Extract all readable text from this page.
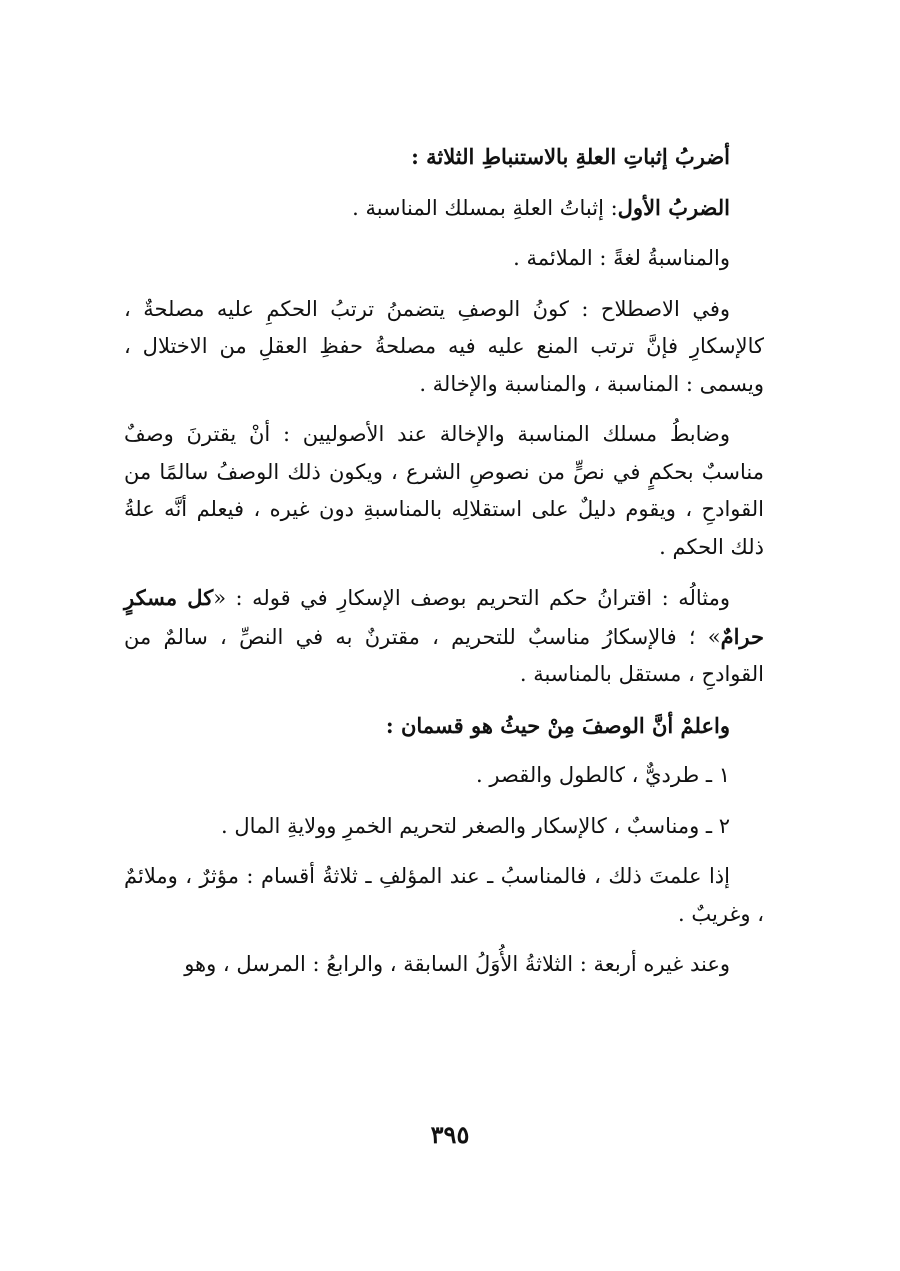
أضربُ إثباتِ العلةِ بالاستنباطِ الثلاثة :

الضربُ الأول: إثباتُ العلةِ بمسلك المناسبة .

والمناسبةُ لغةً : الملائمة .

وفي الاصطلاح : كونُ الوصفِ يتضمنُ ترتبُ الحكمِ عليه مصلحةٌ ، كالإسكارِ فإنَّ ترتب المنع عليه فيه مصلحةُ حفظِ العقلِ من الاختلال ، ويسمى : المناسبة ، والمناسبة والإخالة .

وضابطُ مسلك المناسبة والإخالة عند الأصوليين : أنْ يقترنَ وصفٌ مناسبٌ بحكمٍ في نصٍّ من نصوصِ الشرع ، ويكون ذلك الوصفُ سالمًا من القوادحِ ، ويقوم دليلٌ على استقلالِه بالمناسبةِ دون غيره ، فيعلم أنَّه علةُ ذلك الحكم .

ومثالُه : اقترانُ حكم التحريم بوصف الإسكارِ في قوله : «كل مسكرٍ حرامٌ» ؛ فالإسكارُ مناسبٌ للتحريم ، مقترنٌ به في النصِّ ، سالمٌ من القوادحِ ، مستقل بالمناسبة .

واعلمْ أنَّ الوصفَ مِنْ حيثُ هو قسمان :

١ ـ طرديٌّ ، كالطول والقصر .

٢ ـ ومناسبٌ ، كالإسكار والصغر لتحريم الخمرِ وولايةِ المال .

إذا علمتَ ذلك ، فالمناسبُ ـ عند المؤلفِ ـ ثلاثةُ أقسام : مؤثرٌ ، وملائمٌ ، وغريبٌ .

وعند غيره أربعة : الثلاثةُ الأُوَلُ السابقة ، والرابعُ : المرسل ، وهو

٣٩٥
